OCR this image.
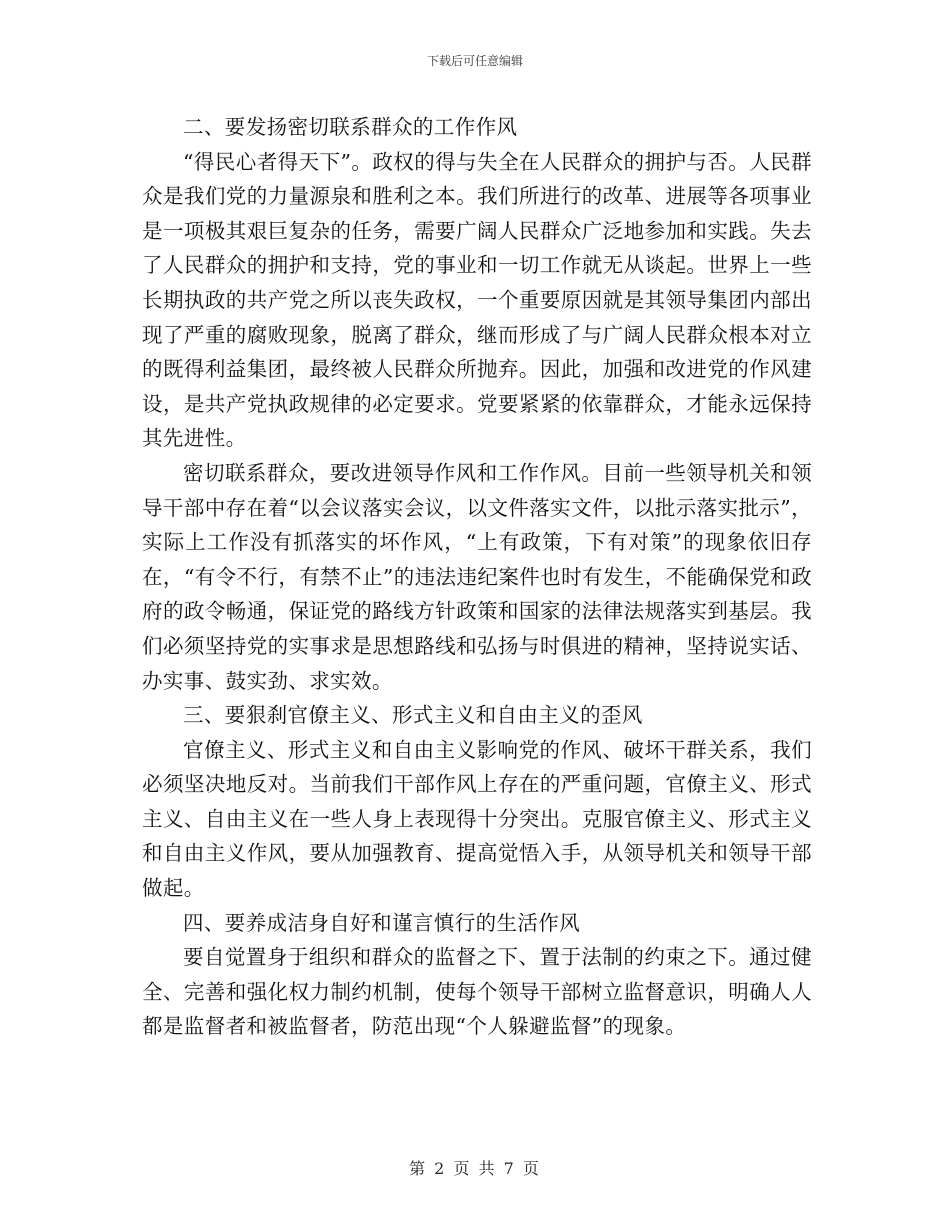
下载后可任意编辑

二、要发扬密切联系群众的工作作风

“得民心者得天下”。政权的得与失全在人民群众的拥护与否。人民群众是我们党的力量源泉和胜利之本。我们所进行的改革、进展等各项事业是一项极其艰巨复杂的任务，需要广阔人民群众广泛地参加和实践。失去了人民群众的拥护和支持，党的事业和一切工作就无从谈起。世界上一些长期执政的共产党之所以丧失政权，一个重要原因就是其领导集团内部出现了严重的腐败现象，脱离了群众，继而形成了与广阔人民群众根本对立的既得利益集团，最终被人民群众所抛弃。因此，加强和改进党的作风建设，是共产党执政规律的必定要求。党要紧紧的依靠群众，才能永远保持其先进性。

密切联系群众，要改进领导作风和工作作风。目前一些领导机关和领导干部中存在着“以会议落实会议，以文件落实文件，以批示落实批示”，实际上工作没有抓落实的坏作风，“上有政策，下有对策”的现象依旧存在，“有令不行，有禁不止”的违法违纪案件也时有发生，不能确保党和政府的政令畅通，保证党的路线方针政策和国家的法律法规落实到基层。我们必须坚持党的实事求是思想路线和弘扬与时俱进的精神，坚持说实话、办实事、鼓实劲、求实效。

三、要狠刹官僚主义、形式主义和自由主义的歪风

官僚主义、形式主义和自由主义影响党的作风、破坏干群关系，我们必须坚决地反对。当前我们干部作风上存在的严重问题，官僚主义、形式主义、自由主义在一些人身上表现得十分突出。克服官僚主义、形式主义和自由主义作风，要从加强教育、提高觉悟入手，从领导机关和领导干部做起。

四、要养成洁身自好和谨言慎行的生活作风

要自觉置身于组织和群众的监督之下、置于法制的约束之下。通过健全、完善和强化权力制约机制，使每个领导干部树立监督意识，明确人人都是监督者和被监督者，防范出现“个人躲避监督”的现象。

第 2 页 共 7 页
